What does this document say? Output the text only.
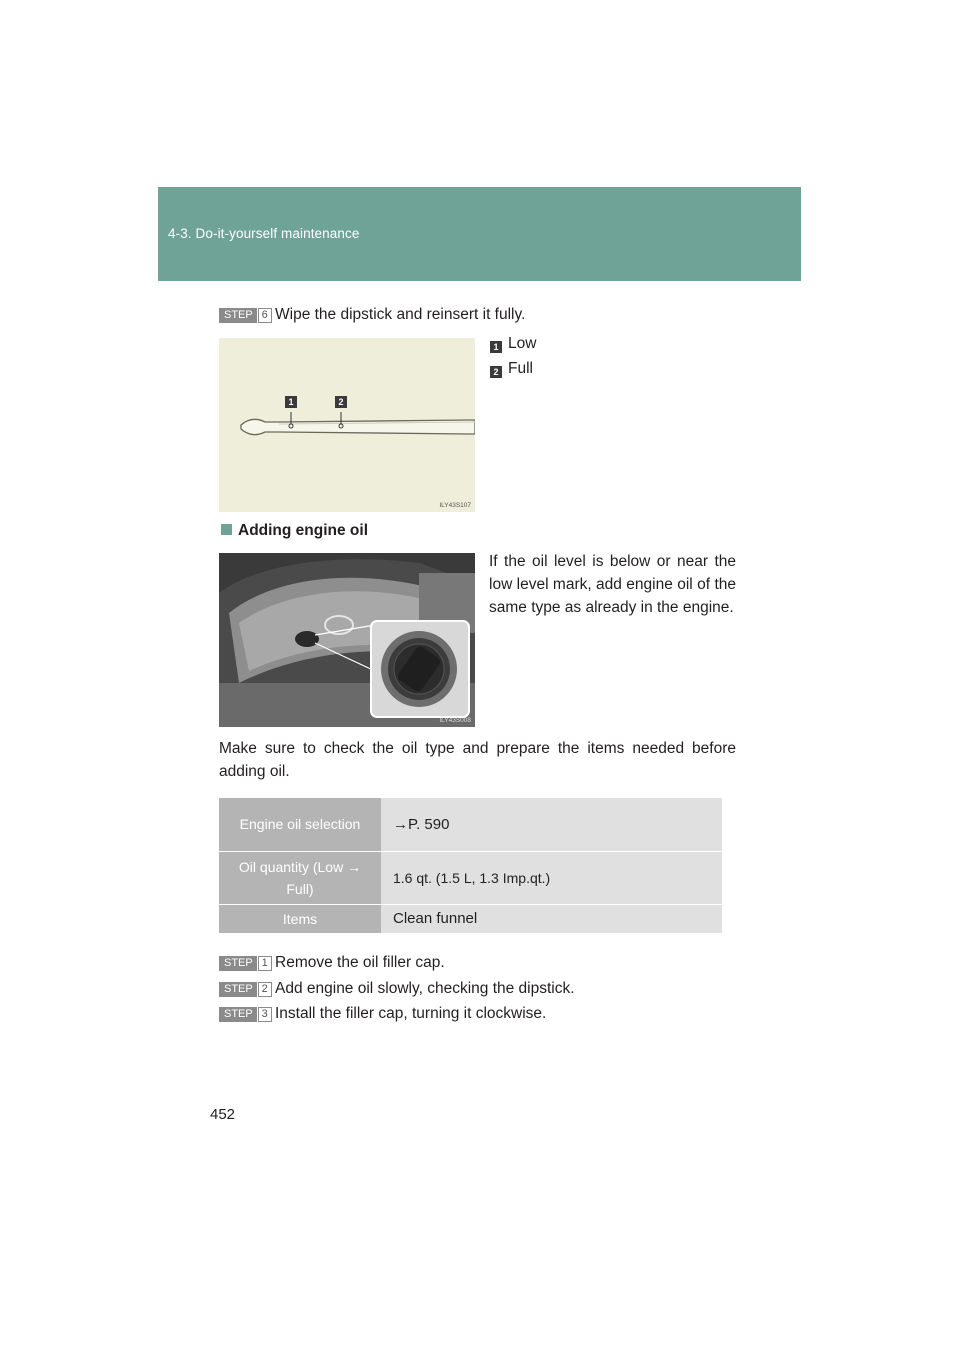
4-3. Do-it-yourself maintenance
STEP 6 Wipe the dipstick and reinsert it fully.
1	2
ILY43S107
1 Low
2 Full
Adding engine oil
ILY43S008
If the oil level is below or near the low level mark, add engine oil of the same type as already in the engine.
Make sure to check the oil type and prepare the items needed before adding oil.
Engine oil selection	→P. 590
Oil quantity (Low → Full)	1.6 qt. (1.5 L, 1.3 Imp.qt.)
Items	Clean funnel
STEP 1 Remove the oil filler cap.
STEP 2 Add engine oil slowly, checking the dipstick.
STEP 3 Install the filler cap, turning it clockwise.
452
